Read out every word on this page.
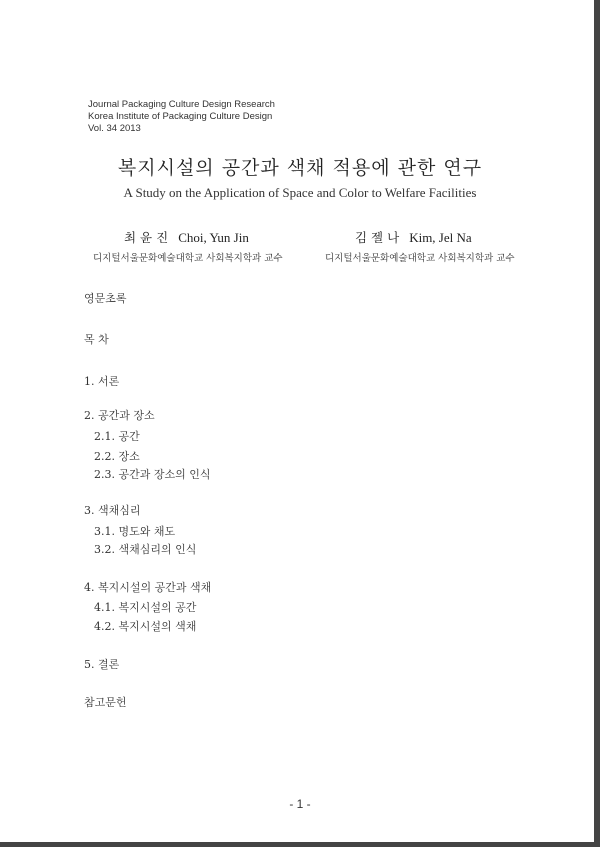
Journal Packaging Culture Design Research
Korea Institute of Packaging Culture Design
Vol. 34 2013
복지시설의 공간과 색채 적용에 관한 연구
A Study on the Application of Space and Color to Welfare Facilities
최 윤 진 Choi, Yun Jin	김 젤 나 Kim, Jel Na
디지털서울문화예술대학교 사회복지학과 교수	디지털서울문화예술대학교 사회복지학과 교수
영문초록
목 차
1. 서론
2. 공간과 장소
2.1. 공간
2.2. 장소
2.3. 공간과 장소의 인식
3. 색채심리
3.1. 명도와 채도
3.2. 색채심리의 인식
4. 복지시설의 공간과 색채
4.1. 복지시설의 공간
4.2. 복지시설의 색채
5. 결론
참고문헌
- 1 -
